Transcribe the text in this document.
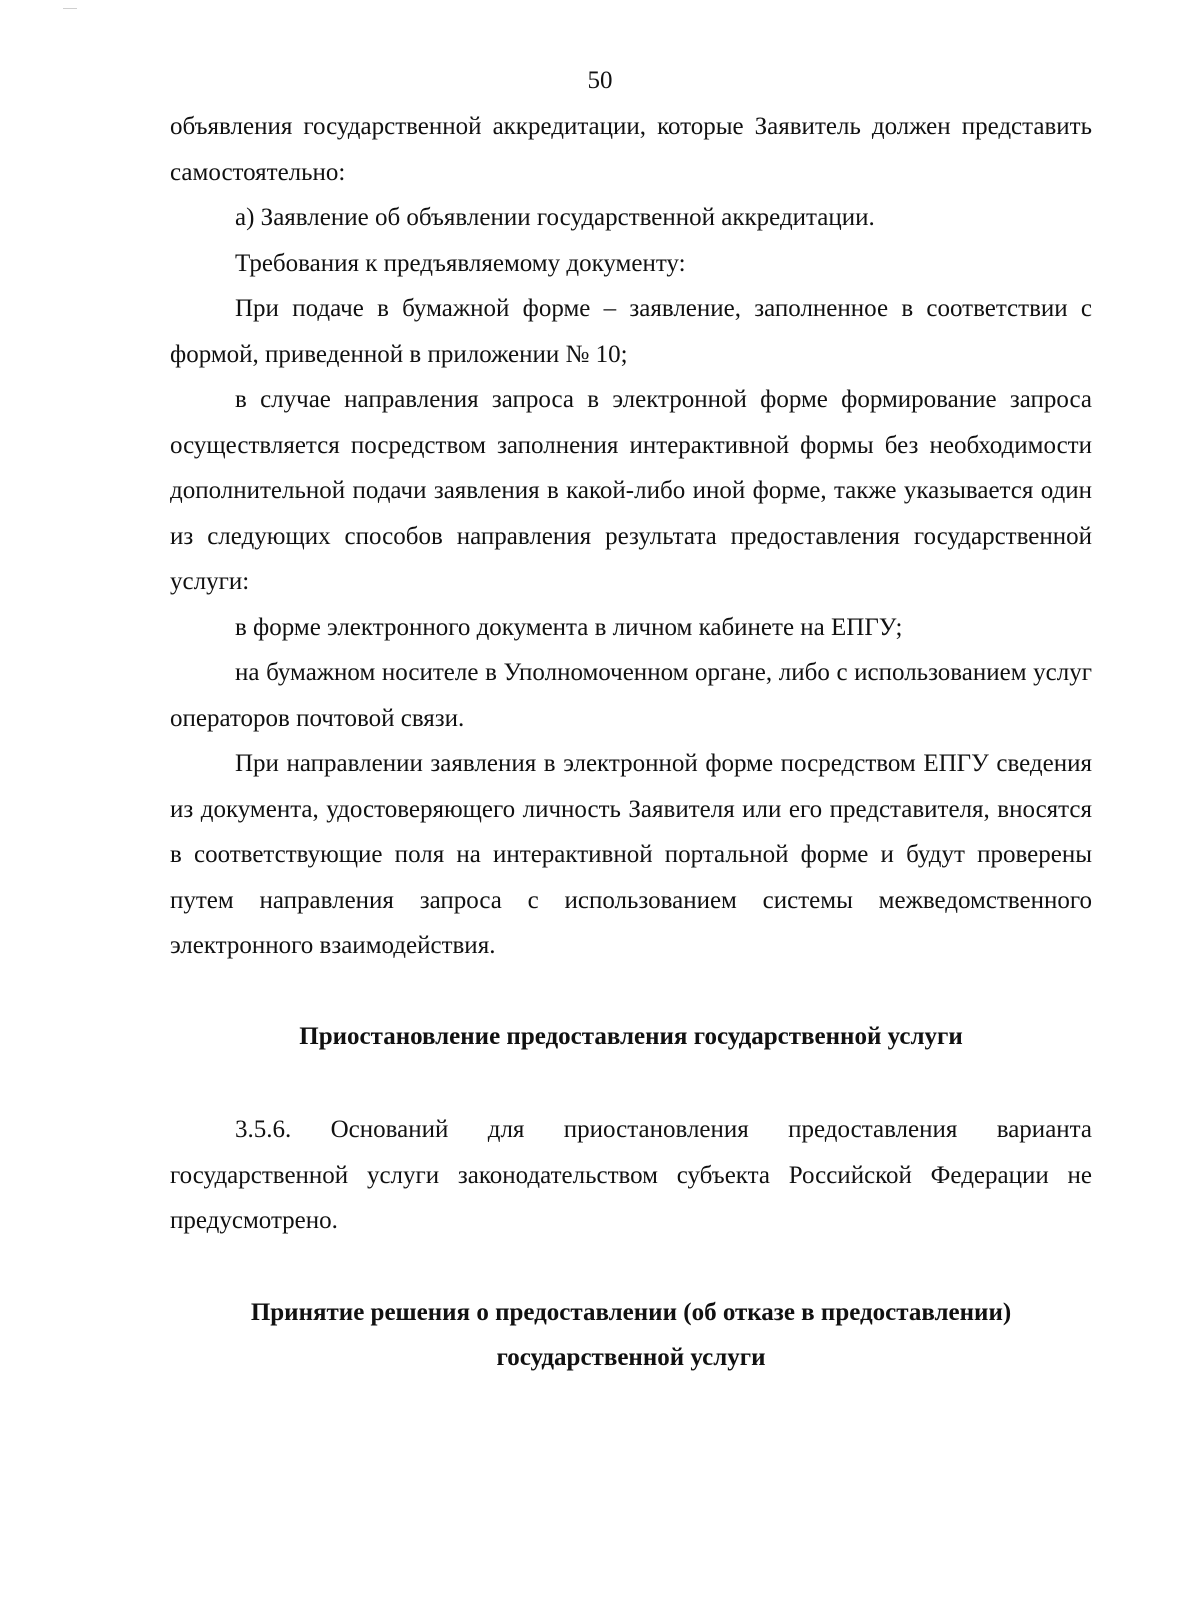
50

объявления государственной аккредитации, которые Заявитель должен представить самостоятельно:

а) Заявление об объявлении государственной аккредитации.

Требования к предъявляемому документу:

При подаче в бумажной форме – заявление, заполненное в соответствии с формой, приведенной в приложении № 10;

в случае направления запроса в электронной форме формирование запроса осуществляется посредством заполнения интерактивной формы без необходимости дополнительной подачи заявления в какой-либо иной форме, также указывается один из следующих способов направления результата предоставления государственной услуги:

в форме электронного документа в личном кабинете на ЕПГУ;

на бумажном носителе в Уполномоченном органе, либо с использованием услуг операторов почтовой связи.

При направлении заявления в электронной форме посредством ЕПГУ сведения из документа, удостоверяющего личность Заявителя или его представителя, вносятся в соответствующие поля на интерактивной портальной форме и будут проверены путем направления запроса с использованием системы межведомственного электронного взаимодействия.

Приостановление предоставления государственной услуги

3.5.6. Оснований для приостановления предоставления варианта государственной услуги законодательством субъекта Российской Федерации не предусмотрено.

Принятие решения о предоставлении (об отказе в предоставлении)
государственной услуги
